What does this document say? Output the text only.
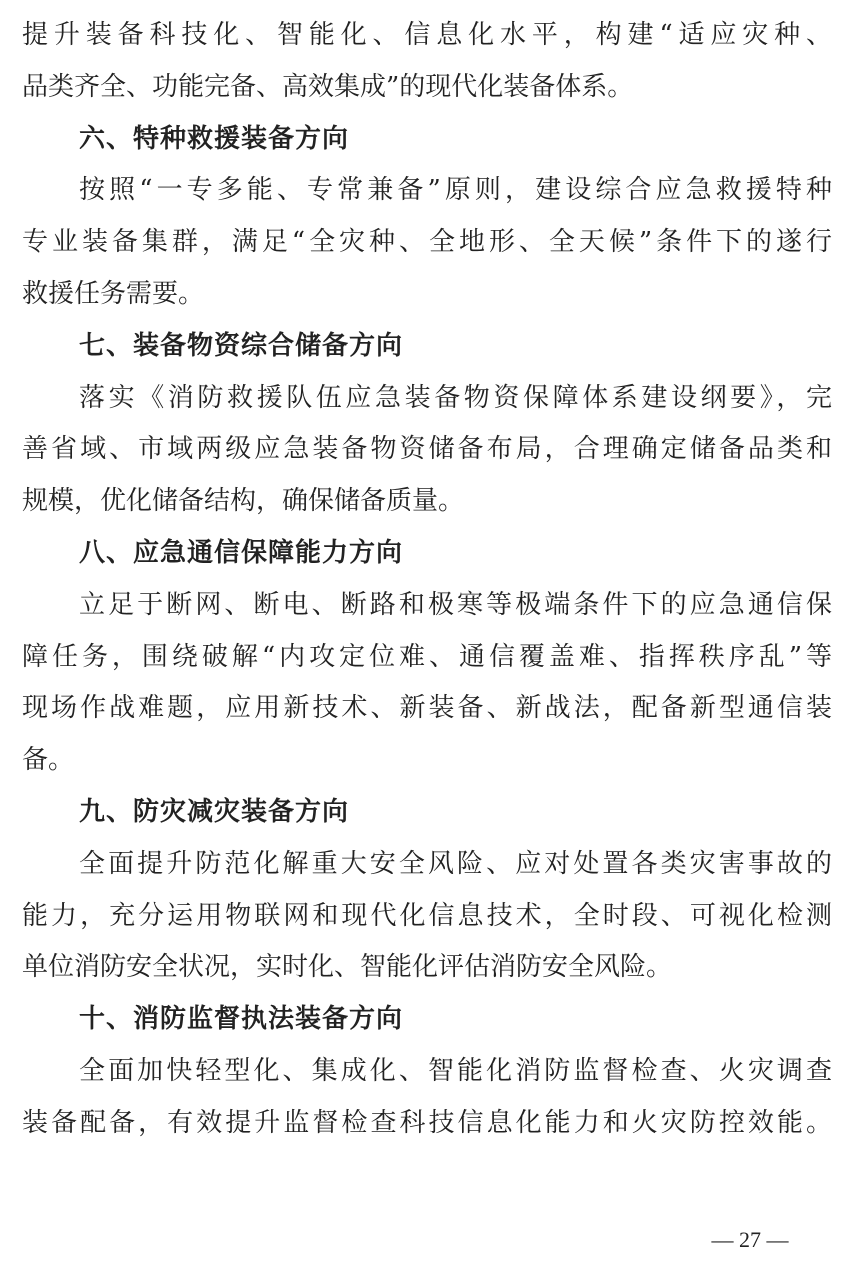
提升装备科技化、智能化、信息化水平，构建“适应灾种、
品类齐全、功能完备、高效集成”的现代化装备体系。
六、特种救援装备方向
按照“一专多能、专常兼备”原则，建设综合应急救援特种
专业装备集群，满足“全灾种、全地形、全天候”条件下的遂行
救援任务需要。
七、装备物资综合储备方向
落实《消防救援队伍应急装备物资保障体系建设纲要》，完
善省域、市域两级应急装备物资储备布局，合理确定储备品类和
规模，优化储备结构，确保储备质量。
八、应急通信保障能力方向
立足于断网、断电、断路和极寒等极端条件下的应急通信保
障任务，围绕破解“内攻定位难、通信覆盖难、指挥秩序乱”等
现场作战难题，应用新技术、新装备、新战法，配备新型通信装
备。
九、防灾减灾装备方向
全面提升防范化解重大安全风险、应对处置各类灾害事故的
能力，充分运用物联网和现代化信息技术，全时段、可视化检测
单位消防安全状况，实时化、智能化评估消防安全风险。
十、消防监督执法装备方向
全面加快轻型化、集成化、智能化消防监督检查、火灾调查
装备配备，有效提升监督检查科技信息化能力和火灾防控效能。
— 27 —
